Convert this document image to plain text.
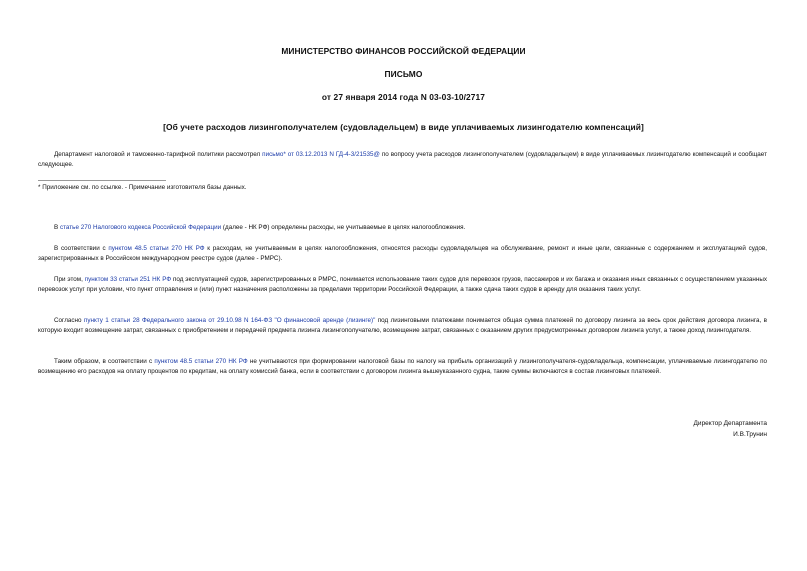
МИНИСТЕРСТВО ФИНАНСОВ РОССИЙСКОЙ ФЕДЕРАЦИИ
ПИСЬМО
от 27 января 2014 года N 03-03-10/2717
[Об учете расходов лизингополучателем (судовладельцем) в виде уплачиваемых лизингодателю компенсаций]
Департамент налоговой и таможенно-тарифной политики рассмотрел письмо* от 03.12.2013 N ГД-4-3/21535@ по вопросу учета расходов лизингополучателем (судовладельцем) в виде уплачиваемых лизингодателю компенсаций и сообщает следующее.
* Приложение см. по ссылке. - Примечание изготовителя базы данных.
В статье 270 Налогового кодекса Российской Федерации (далее - НК РФ) определены расходы, не учитываемые в целях налогообложения.
В соответствии с пунктом 48.5 статьи 270 НК РФ к расходам, не учитываемым в целях налогообложения, относятся расходы судовладельцев на обслуживание, ремонт и иные цели, связанные с содержанием и эксплуатацией судов, зарегистрированных в Российском международном реестре судов (далее - РМРС).
При этом, пунктом 33 статьи 251 НК РФ под эксплуатацией судов, зарегистрированных в РМРС, понимается использование таких судов для перевозок грузов, пассажиров и их багажа и оказания иных связанных с осуществлением указанных перевозок услуг при условии, что пункт отправления и (или) пункт назначения расположены за пределами территории Российской Федерации, а также сдача таких судов в аренду для оказания таких услуг.
Согласно пункту 1 статьи 28 Федерального закона от 29.10.98 N 164-ФЗ "О финансовой аренде (лизинге)" под лизинговыми платежами понимается общая сумма платежей по договору лизинга за весь срок действия договора лизинга, в которую входит возмещение затрат, связанных с приобретением и передачей предмета лизинга лизингополучателю, возмещение затрат, связанных с оказанием других предусмотренных договором лизинга услуг, а также доход лизингодателя.
Таким образом, в соответствии с пунктом 48.5 статьи 270 НК РФ не учитываются при формировании налоговой базы по налогу на прибыль организаций у лизингополучателя-судовладельца, компенсации, уплачиваемые лизингодателю по возмещению его расходов на оплату процентов по кредитам, на оплату комиссий банка, если в соответствии с договором лизинга вышеуказанного судна, такие суммы включаются в состав лизинговых платежей.
Директор Департамента
И.В.Трунин
